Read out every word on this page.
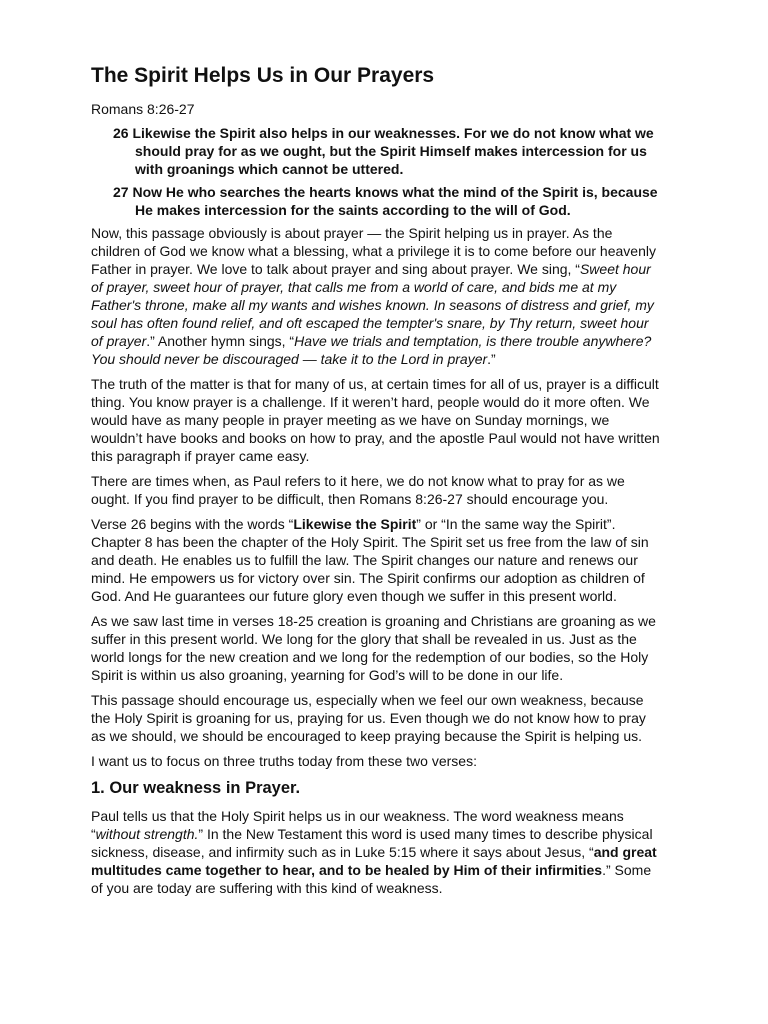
The Spirit Helps Us in Our Prayers
Romans 8:26-27
26 Likewise the Spirit also helps in our weaknesses. For we do not know what we should pray for as we ought, but the Spirit Himself makes intercession for us with groanings which cannot be uttered.
27 Now He who searches the hearts knows what the mind of the Spirit is, because He makes intercession for the saints according to the will of God.

Now, this passage obviously is about prayer — the Spirit helping us in prayer. As the children of God we know what a blessing, what a privilege it is to come before our heavenly Father in prayer. We love to talk about prayer and sing about prayer. We sing, “Sweet hour of prayer, sweet hour of prayer, that calls me from a world of care, and bids me at my Father's throne, make all my wants and wishes known. In seasons of distress and grief, my soul has often found relief, and oft escaped the tempter's snare, by Thy return, sweet hour of prayer.” Another hymn sings, “Have we trials and temptation, is there trouble anywhere? You should never be discouraged — take it to the Lord in prayer.”

The truth of the matter is that for many of us, at certain times for all of us, prayer is a difficult thing. You know prayer is a challenge. If it weren’t hard, people would do it more often. We would have as many people in prayer meeting as we have on Sunday mornings, we wouldn’t have books and books on how to pray, and the apostle Paul would not have written this paragraph if prayer came easy.

There are times when, as Paul refers to it here, we do not know what to pray for as we ought. If you find prayer to be difficult, then Romans 8:26-27 should encourage you.

Verse 26 begins with the words “Likewise the Spirit” or “In the same way the Spirit”. Chapter 8 has been the chapter of the Holy Spirit. The Spirit set us free from the law of sin and death. He enables us to fulfill the law. The Spirit changes our nature and renews our mind. He empowers us for victory over sin. The Spirit confirms our adoption as children of God. And He guarantees our future glory even though we suffer in this present world.

As we saw last time in verses 18-25 creation is groaning and Christians are groaning as we suffer in this present world. We long for the glory that shall be revealed in us. Just as the world longs for the new creation and we long for the redemption of our bodies, so the Holy Spirit is within us also groaning, yearning for God’s will to be done in our life.

This passage should encourage us, especially when we feel our own weakness, because the Holy Spirit is groaning for us, praying for us. Even though we do not know how to pray as we should, we should be encouraged to keep praying because the Spirit is helping us.

I want us to focus on three truths today from these two verses:

1. Our weakness in Prayer.

Paul tells us that the Holy Spirit helps us in our weakness. The word weakness means “without strength.” In the New Testament this word is used many times to describe physical sickness, disease, and infirmity such as in Luke 5:15 where it says about Jesus, “and great multitudes came together to hear, and to be healed by Him of their infirmities.” Some of you are today are suffering with this kind of weakness.
